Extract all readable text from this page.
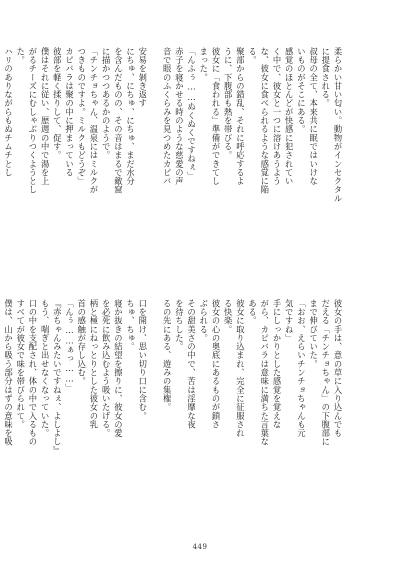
柔らかい甘い匂い。動物がインセクタル
に提食される。
叔母の全て、本来共に眠ではいけな
いものがそこにある。
感覚のほとんどが快感に犯されてい
く中で、彼女と一つに溶けあうよう
な、彼女に食べられるような感覚に陥
る。
聚部からの錯乱、それに呼応するよ
うに、下腹部も熱を帯びる。
彼女に「食われる」準備ができてし
まった。
「んふぅ……ぬくぬくですねぇ」
赤子を寝かせる時のような慈愛の声
音で眼のふくらみを見つめたカピバ

安易を剝き返す
にちゅ、にちゅ、にちゅ、まだ水分
を含んだものの、その音はまるで敵窟
に描かつつあるかのようで。
「チンチョちゃん、温泉にはミルクが
つきものですよ。ミルクもどうぞ」
カピバラは聚の中に押まっている
彼部を軽く揉りして、促す。
僕はそれに従い、歴週の中で湯を上
がるチーズにむしゃぶりつくようとし
た。
ハリのありながらもぬチムチとし
彼女の手は、意の草に入り込んでも
だえる「チンチョちゃん」の下腹部に
まで伸びていた。
「おお、えらいチンチョちゃんも元
気ですね」
手にしっかりとした感覚を覚えな
がら、カピバラは意味に満ちた言葉な
ある。
彼女に取り込まれ、完全に征服され
る快楽。
彼女の心の奥底にあるものが鎖さ
ぶられる。
その甜美さの中で、苦は淫靡な夜
を待ちした。
るの先にある、遊みの集権。

口を開け、思い切り口に含む。
ちゅ、ちゅ。
寝か抜きの結望を擦りに、彼女の愛
を必死に飲み込むよう吸いたげる。
柄と極にねっとりとした彼女の乳
首の感触が存し込む。
「んぅ……ぁっ……」
『赤ちゃんみたいですねぇ、よしよし』
もう、喘ぎと出せなくなっていた。
口の中を支配され、体の中で入るもの
すべてが彼女で味を帯びられて。
僕は、山から吸う部分はずの意味を吸

449
